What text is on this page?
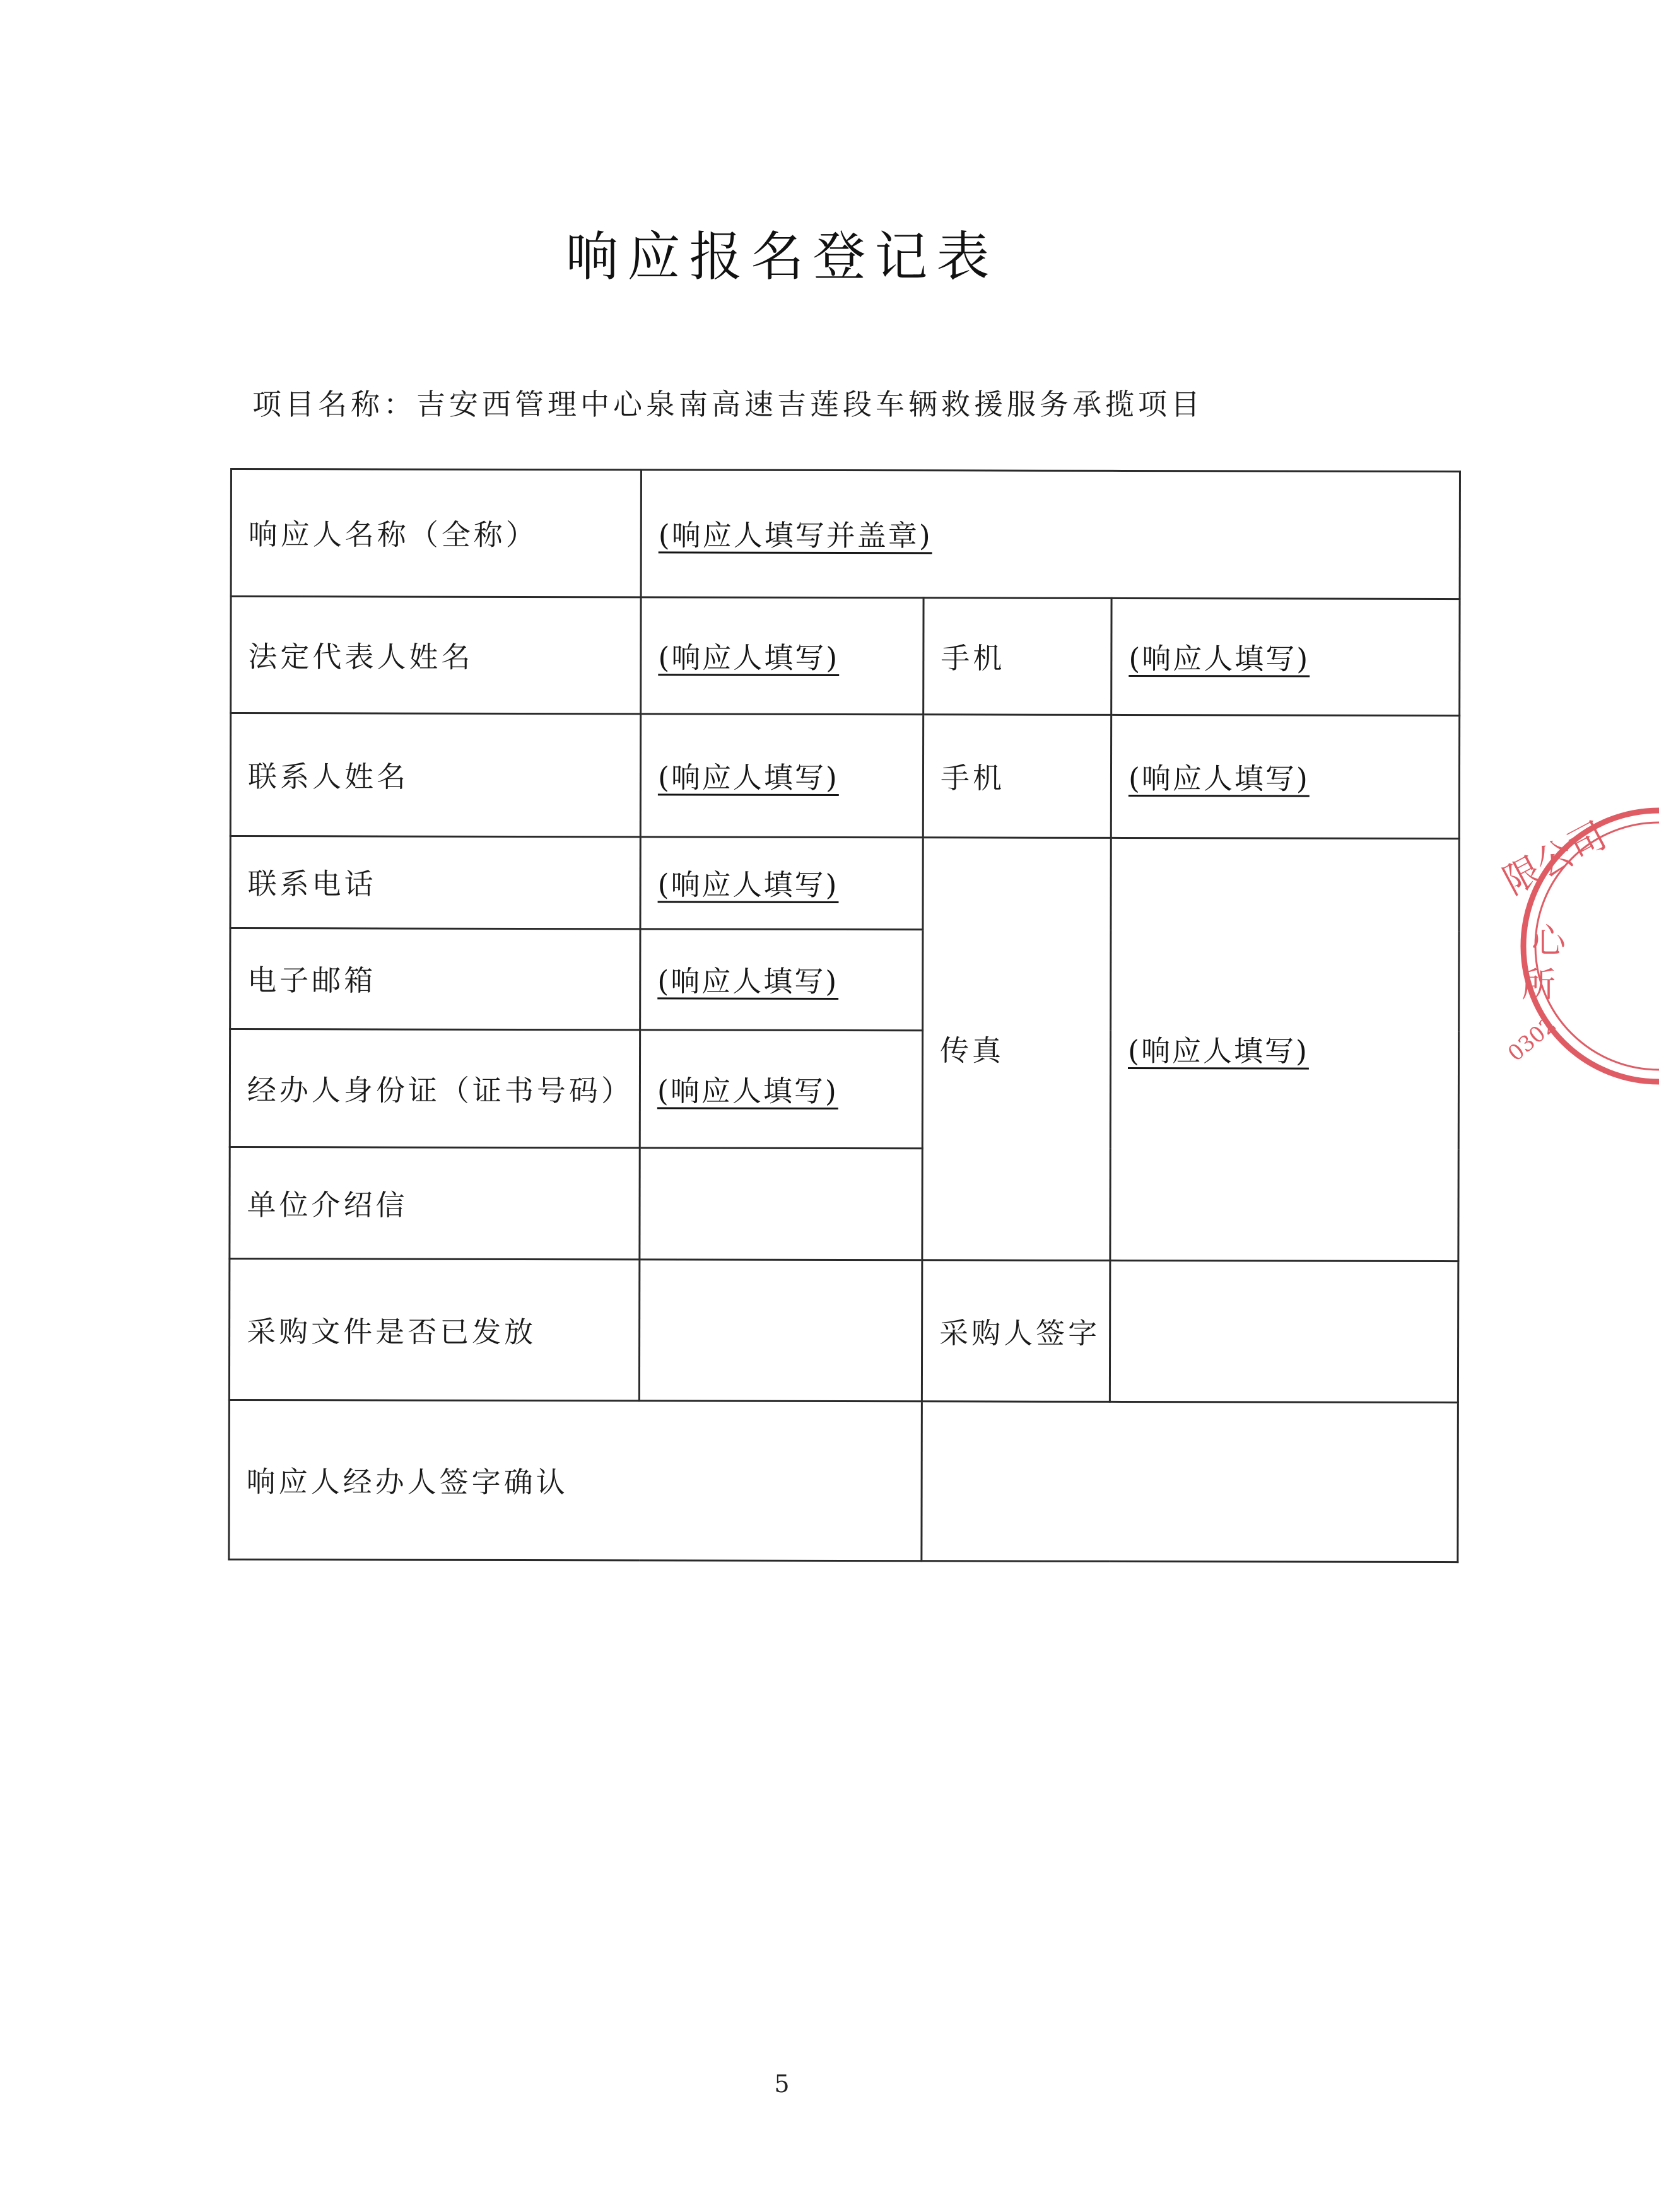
响应报名登记表
项目名称：吉安西管理中心泉南高速吉莲段车辆救援服务承揽项目
响应人名称（全称）	(响应人填写并盖章)		
法定代表人姓名	(响应人填写)	手机	(响应人填写)
联系人姓名	(响应人填写)	手机	(响应人填写)
联系电话	(响应人填写)	传真	(响应人填写)
电子邮箱	(响应人填写)		
经办人身份证（证书号码）	(响应人填写)		
单位介绍信			
采购文件是否已发放		采购人签字	
响应人经办人签字确认			
限公司
心
所
0302
5
